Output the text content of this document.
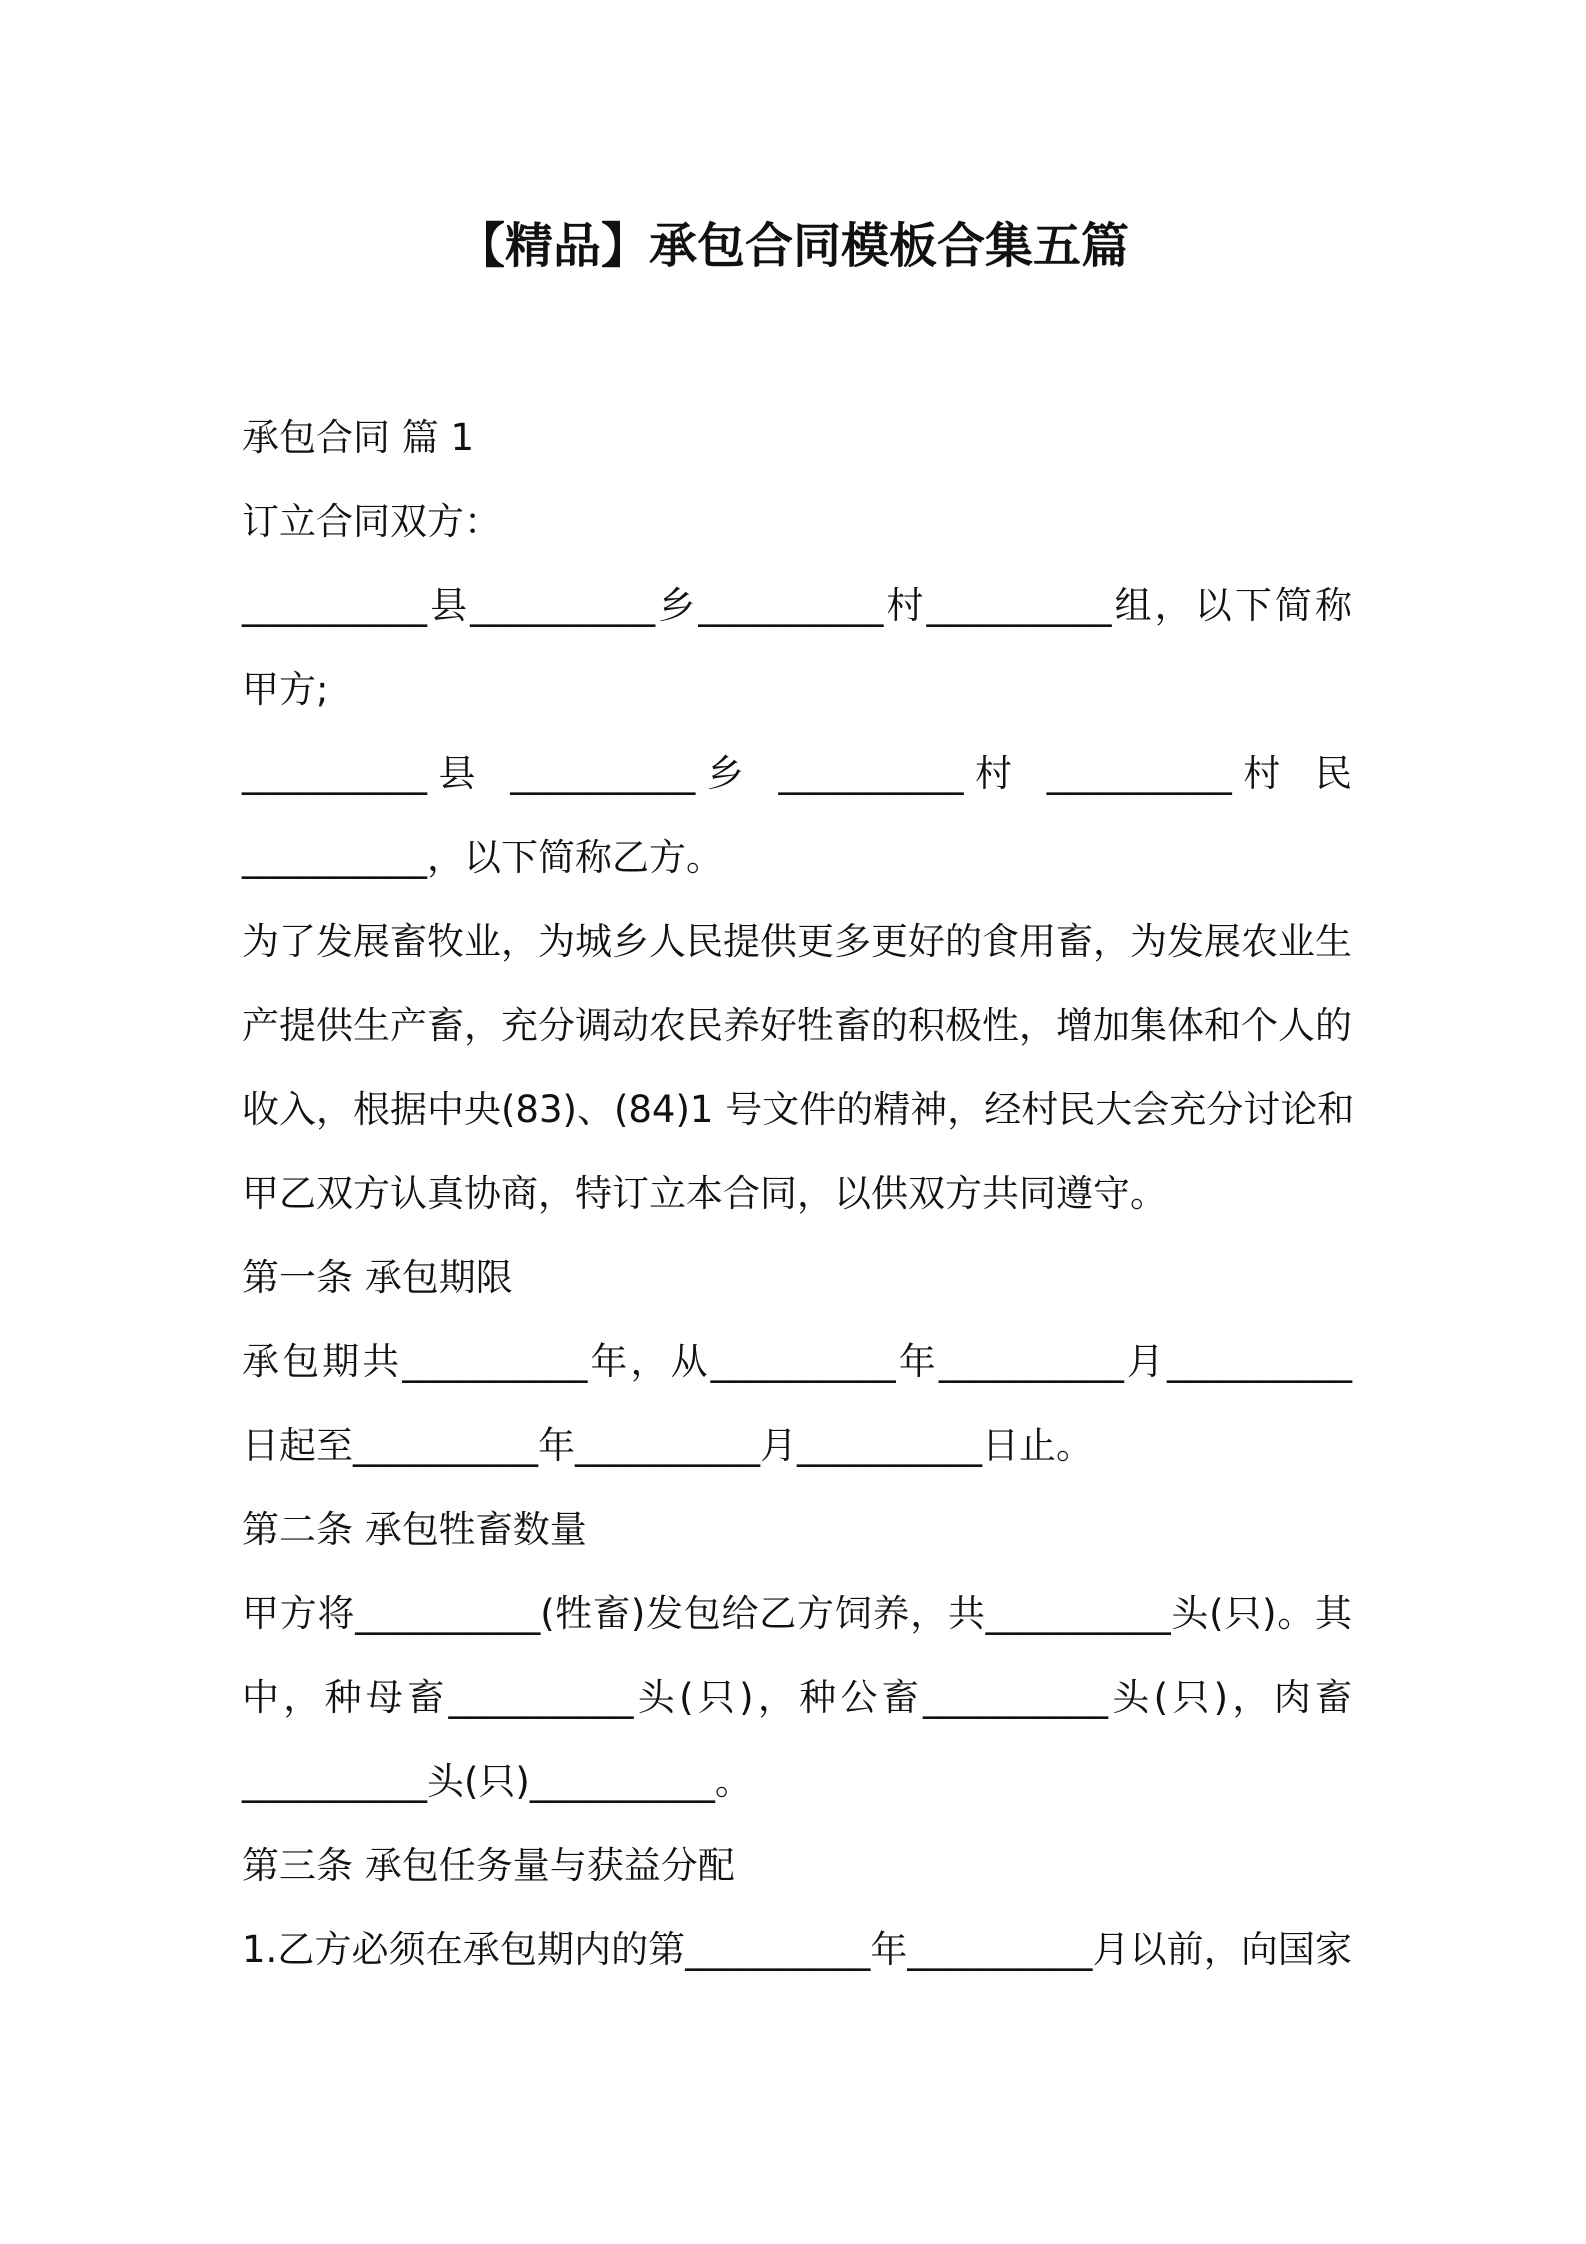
【精品】承包合同模板合集五篇
承包合同 篇 1
订立合同双方：
__________县__________乡__________村__________组，以下简称
甲方;
__________县 __________乡 __________村 __________村 民
__________，以下简称乙方。
为了发展畜牧业，为城乡人民提供更多更好的食用畜，为发展农业生
产提供生产畜，充分调动农民养好牲畜的积极性，增加集体和个人的
收入，根据中央(83)、(84)1 号文件的精神，经村民大会充分讨论和
甲乙双方认真协商，特订立本合同，以供双方共同遵守。
第一条 承包期限
承包期共__________年，从__________年__________月__________
日起至__________年__________月__________日止。
第二条 承包牲畜数量
甲方将__________(牲畜)发包给乙方饲养，共__________头(只)。其
中，种母畜__________头(只)，种公畜__________头(只)，肉畜
__________头(只)__________。
第三条 承包任务量与获益分配
1.乙方必须在承包期内的第__________年__________月以前，向国家
